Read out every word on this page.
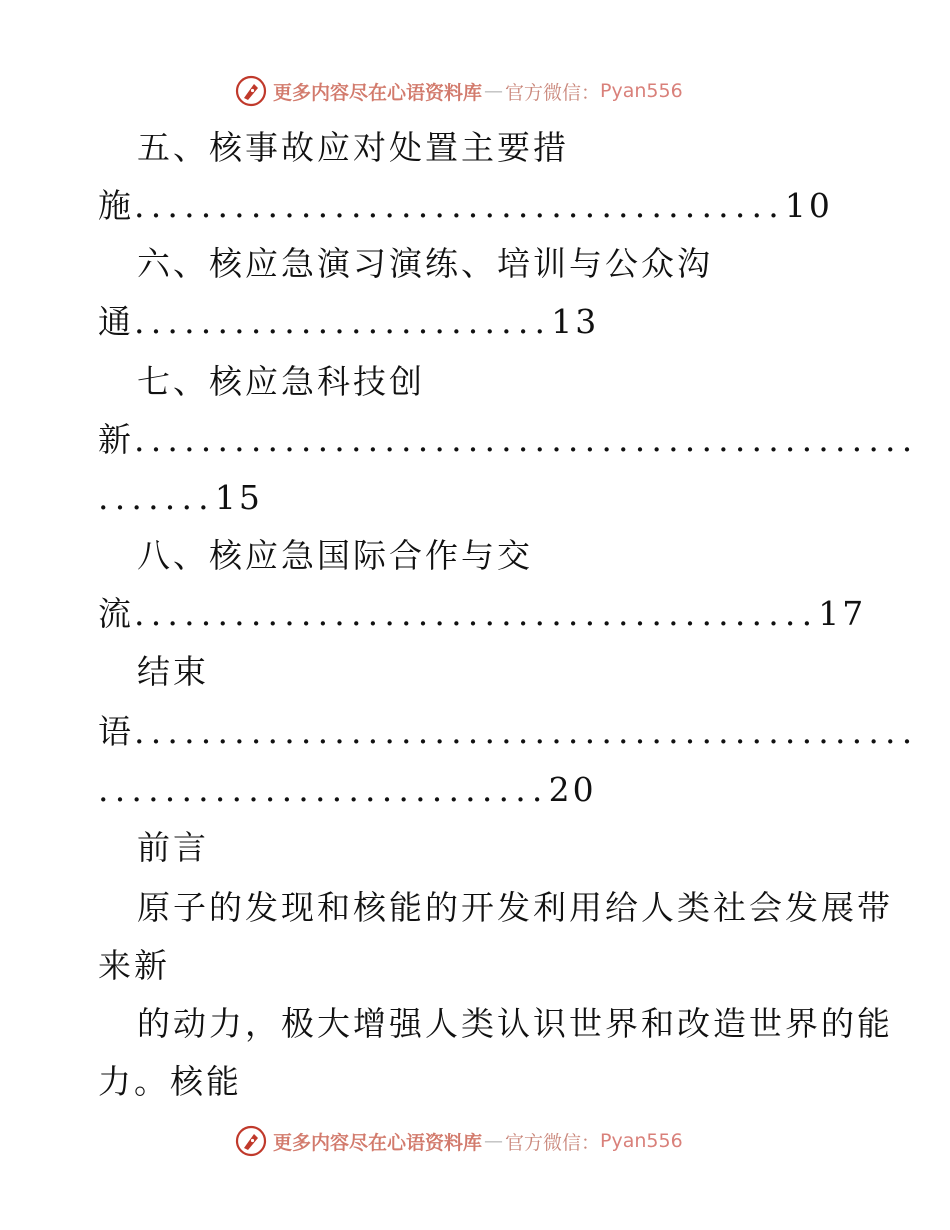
更多内容尽在心语资料库 — 官方微信： Pyan556
五、核事故应对处置主要措
施.......................................10
六、核应急演习演练、培训与公众沟
通.........................13
七、核应急科技创
新...............................................
.......15
八、核应急国际合作与交
流.........................................17
结束
语...............................................
...........................20
前言
原子的发现和核能的开发利用给人类社会发展带
来新
的动力，极大增强人类认识世界和改造世界的能
力。核能
更多内容尽在心语资料库 — 官方微信： Pyan556
